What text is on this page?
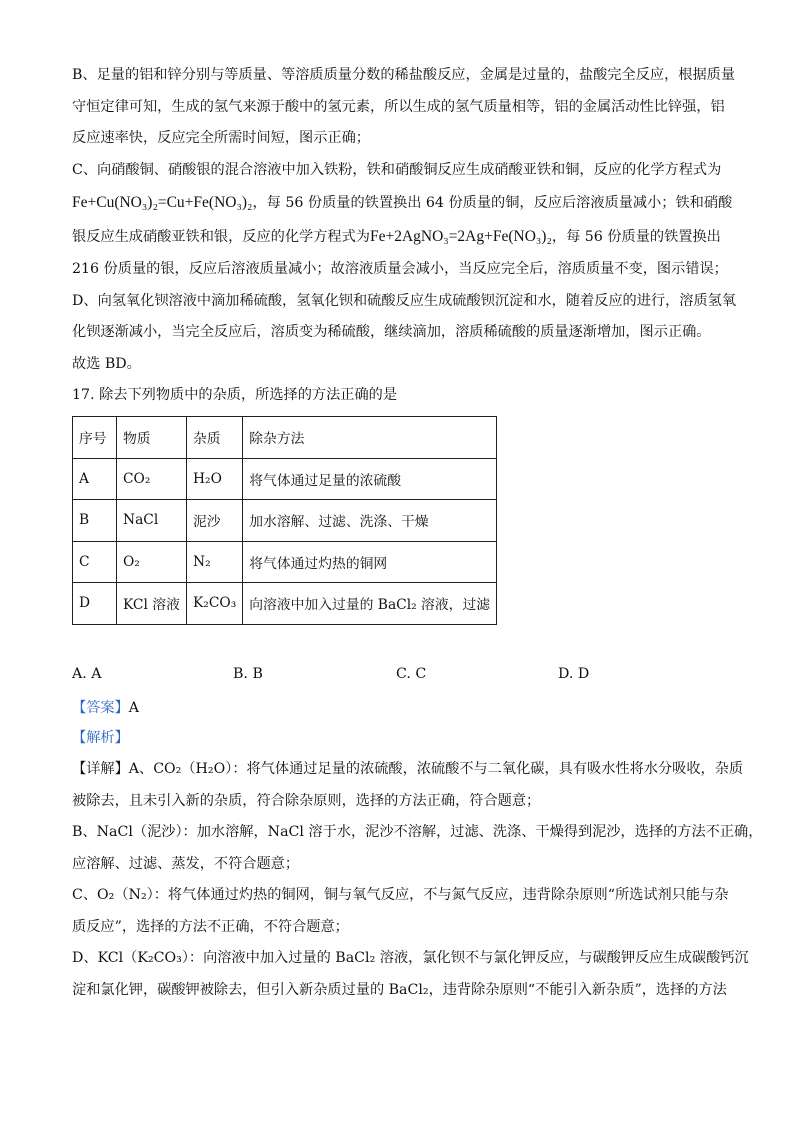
B、足量的铝和锌分别与等质量、等溶质质量分数的稀盐酸反应，金属是过量的，盐酸完全反应，根据质量

守恒定律可知，生成的氢气来源于酸中的氢元素，所以生成的氢气质量相等，铝的金属活动性比锌强，铝

反应速率快，反应完全所需时间短，图示正确；

C、向硝酸铜、硝酸银的混合溶液中加入铁粉，铁和硝酸铜反应生成硝酸亚铁和铜，反应的化学方程式为

Fe+Cu(NO₃)₂=Cu+Fe(NO₃)₂，每 56 份质量的铁置换出 64 份质量的铜，反应后溶液质量减小；铁和硝酸

银反应生成硝酸亚铁和银，反应的化学方程式为Fe+2AgNO₃=2Ag+Fe(NO₃)₂，每 56 份质量的铁置换出

216 份质量的银，反应后溶液质量减小；故溶液质量会减小，当反应完全后，溶质质量不变，图示错误；

D、向氢氧化钡溶液中滴加稀硫酸，氢氧化钡和硫酸反应生成硫酸钡沉淀和水，随着反应的进行，溶质氢氧

化钡逐渐减小，当完全反应后，溶质变为稀硫酸，继续滴加，溶质稀硫酸的质量逐渐增加，图示正确。

故选 BD。

17. 除去下列物质中的杂质，所选择的方法正确的是

序号	物质	杂质	除杂方法
A	CO₂	H₂O	将气体通过足量的浓硫酸
B	NaCl	泥沙	加水溶解、过滤、洗涤、干燥
C	O₂	N₂	将气体通过灼热的铜网
D	KCl 溶液	K₂CO₃	向溶液中加入过量的 BaCl₂ 溶液，过滤
A. A	B. B	C. C	D. D

【答案】A

【解析】

【详解】A、CO₂（H₂O）：将气体通过足量的浓硫酸，浓硫酸不与二氧化碳，具有吸水性将水分吸收，杂质

被除去，且未引入新的杂质，符合除杂原则，选择的方法正确，符合题意；

B、NaCl（泥沙）：加水溶解，NaCl 溶于水，泥沙不溶解，过滤、洗涤、干燥得到泥沙，选择的方法不正确，

应溶解、过滤、蒸发，不符合题意；

C、O₂（N₂）：将气体通过灼热的铜网，铜与氧气反应，不与氮气反应，违背除杂原则“所选试剂只能与杂

质反应”，选择的方法不正确，不符合题意；

D、KCl（K₂CO₃）：向溶液中加入过量的 BaCl₂ 溶液，氯化钡不与氯化钾反应，与碳酸钾反应生成碳酸钙沉

淀和氯化钾，碳酸钾被除去，但引入新杂质过量的 BaCl₂，违背除杂原则“不能引入新杂质”，选择的方法
